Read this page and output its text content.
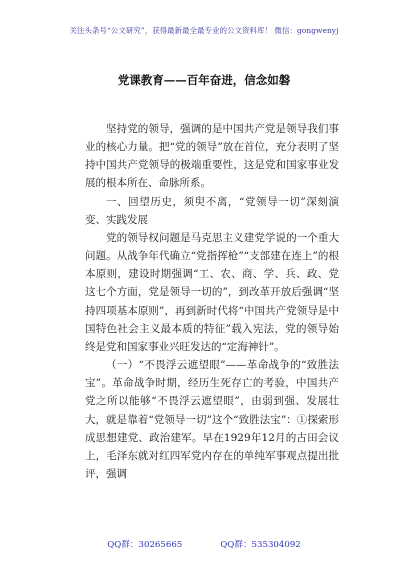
关注头条号“公文研究”，获得最新最全最专业的公文资料库！ 微信：gongwenyj
党课教育——百年奋进，信念如磐

坚持党的领导，强调的是中国共产党是领导我们事业的核心力量。把“党的领导”放在首位，充分表明了坚持中国共产党领导的极端重要性，这是党和国家事业发展的根本所在、命脉所系。

一、回望历史，须臾不离，“党领导一切”深刻演变、实践发展

党的领导权问题是马克思主义建党学说的一个重大问题。从战争年代确立“党指挥枪”“支部建在连上”的根本原则，建设时期强调“工、农、商、学、兵、政、党这七个方面，党是领导一切的”，到改革开放后强调“坚持四项基本原则”，再到新时代将“中国共产党领导是中国特色社会主义最本质的特征”载入宪法，党的领导始终是党和国家事业兴旺发达的“定海神针”。

（一）“不畏浮云遮望眼”——革命战争的“致胜法宝”。革命战争时期，经历生死存亡的考验，中国共产党之所以能够“不畏浮云遮望眼”，由弱到强、发展壮大，就是靠着“党领导一切”这个“致胜法宝”：①探索形成思想建党、政治建军。早在1929年12月的古田会议上，毛泽东就对红四军党内存在的单纯军事观点提出批评，强调

QQ群：30265665	QQ群：535304092
